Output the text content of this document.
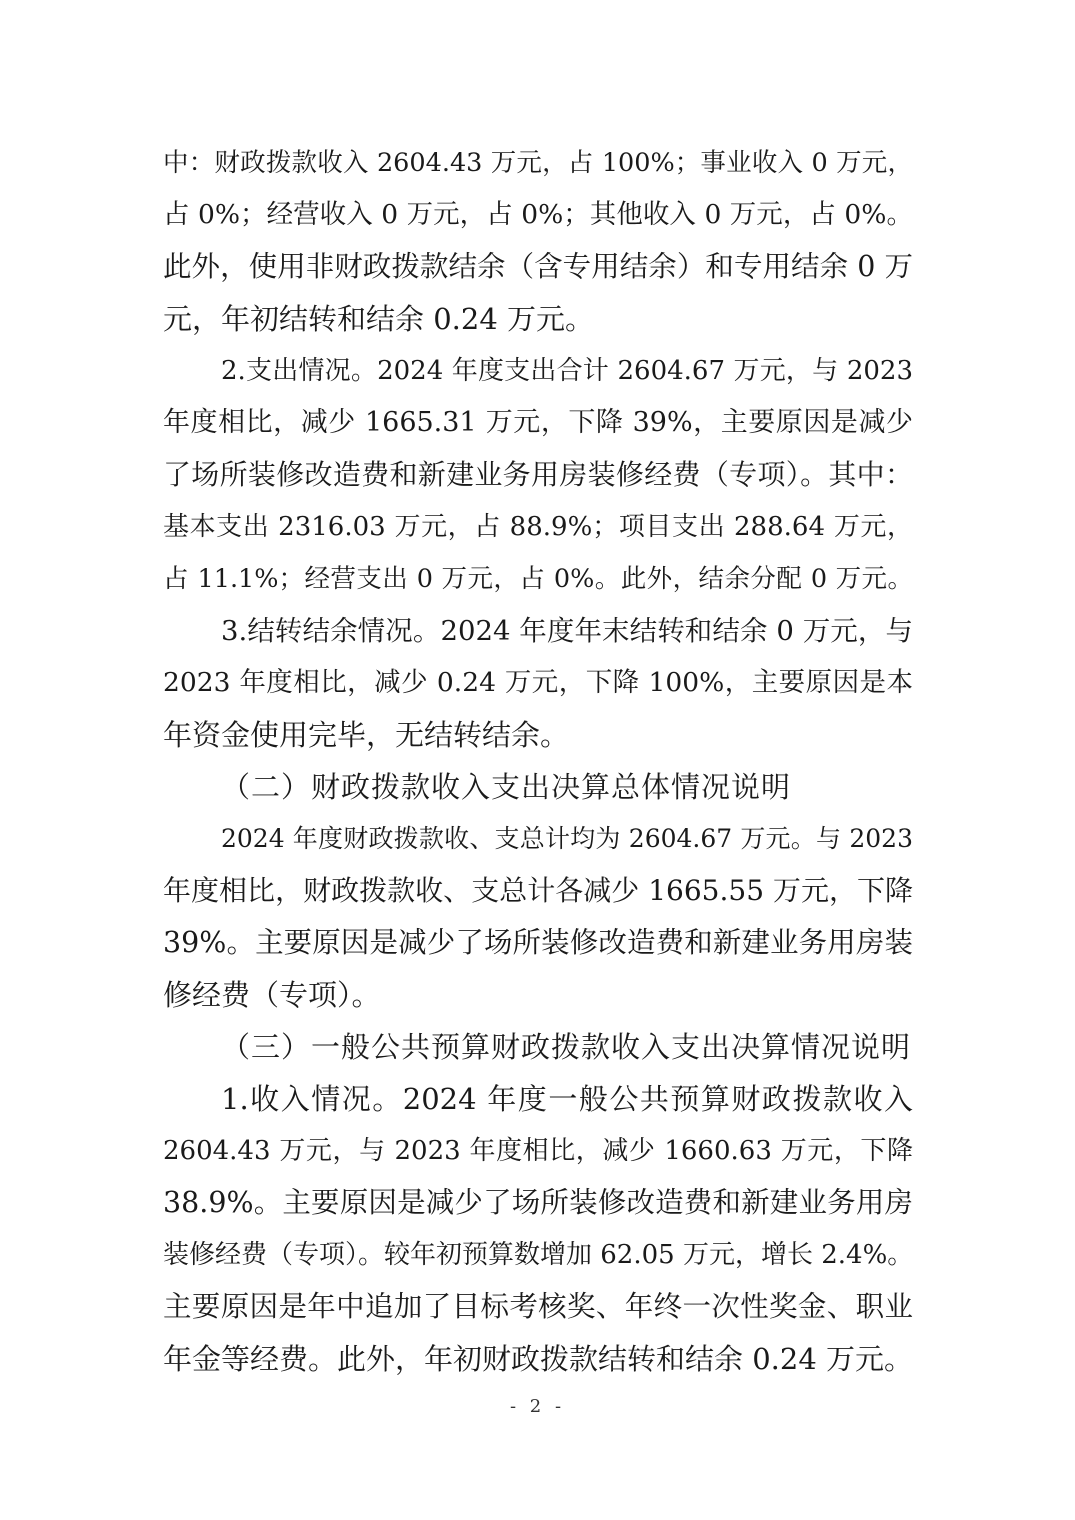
中：财政拨款收入 2604.43 万元，占 100%；事业收入 0 万元，
占 0%；经营收入 0 万元，占 0%；其他收入 0 万元，占 0%。
此外，使用非财政拨款结余（含专用结余）和专用结余 0 万
元，年初结转和结余 0.24 万元。
2.支出情况。2024 年度支出合计 2604.67 万元，与 2023
年度相比，减少 1665.31 万元，下降 39%，主要原因是减少
了场所装修改造费和新建业务用房装修经费（专项）。其中：
基本支出 2316.03 万元，占 88.9%；项目支出 288.64 万元，
占 11.1%；经营支出 0 万元，占 0%。此外，结余分配 0 万元。
3.结转结余情况。2024 年度年末结转和结余 0 万元，与
2023 年度相比，减少 0.24 万元，下降 100%，主要原因是本
年资金使用完毕，无结转结余。
（二）财政拨款收入支出决算总体情况说明
2024 年度财政拨款收、支总计均为 2604.67 万元。与 2023
年度相比，财政拨款收、支总计各减少 1665.55 万元，下降
39%。主要原因是减少了场所装修改造费和新建业务用房装
修经费（专项）。
（三）一般公共预算财政拨款收入支出决算情况说明
1.收入情况。2024 年度一般公共预算财政拨款收入
2604.43 万元，与 2023 年度相比，减少 1660.63 万元，下降
38.9%。主要原因是减少了场所装修改造费和新建业务用房
装修经费（专项）。较年初预算数增加 62.05 万元，增长 2.4%。
主要原因是年中追加了目标考核奖、年终一次性奖金、职业
年金等经费。此外，年初财政拨款结转和结余 0.24 万元。
- 2 -
